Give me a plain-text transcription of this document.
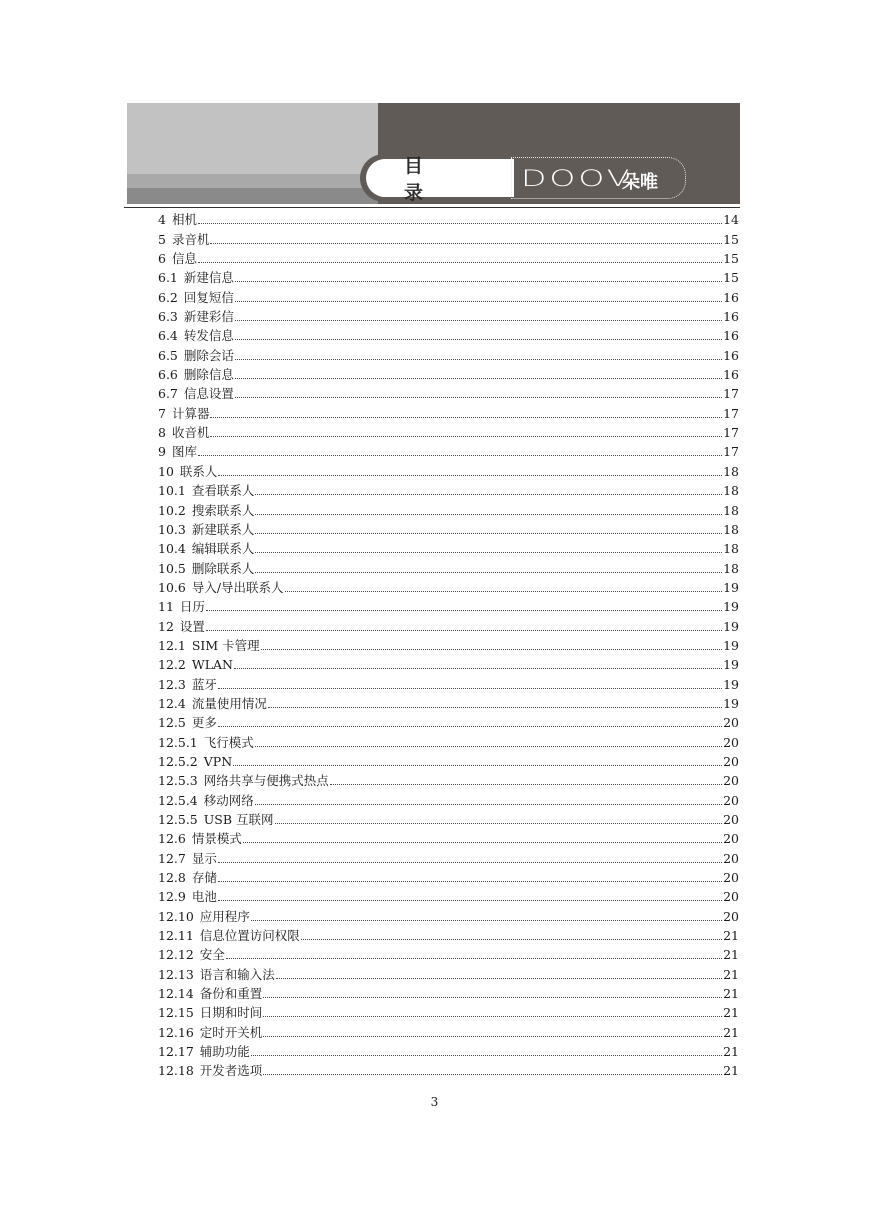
目录
DOOV
朵唯
4 相机	14
5 录音机	15
6 信息	15
6.1 新建信息	15
6.2 回复短信	16
6.3 新建彩信	16
6.4 转发信息	16
6.5 删除会话	16
6.6 删除信息	16
6.7 信息设置	17
7 计算器	17
8 收音机	17
9 图库	17
10 联系人	18
10.1 查看联系人	18
10.2 搜索联系人	18
10.3 新建联系人	18
10.4 编辑联系人	18
10.5 删除联系人	18
10.6 导入/导出联系人	19
11 日历	19
12 设置	19
12.1 SIM 卡管理	19
12.2 WLAN	19
12.3 蓝牙	19
12.4 流量使用情况	19
12.5 更多	20
12.5.1 飞行模式	20
12.5.2 VPN	20
12.5.3 网络共享与便携式热点	20
12.5.4 移动网络	20
12.5.5 USB 互联网	20
12.6 情景模式	20
12.7 显示	20
12.8 存储	20
12.9 电池	20
12.10 应用程序	20
12.11 信息位置访问权限	21
12.12 安全	21
12.13 语言和输入法	21
12.14 备份和重置	21
12.15 日期和时间	21
12.16 定时开关机	21
12.17 辅助功能	21
12.18 开发者选项	21
3
